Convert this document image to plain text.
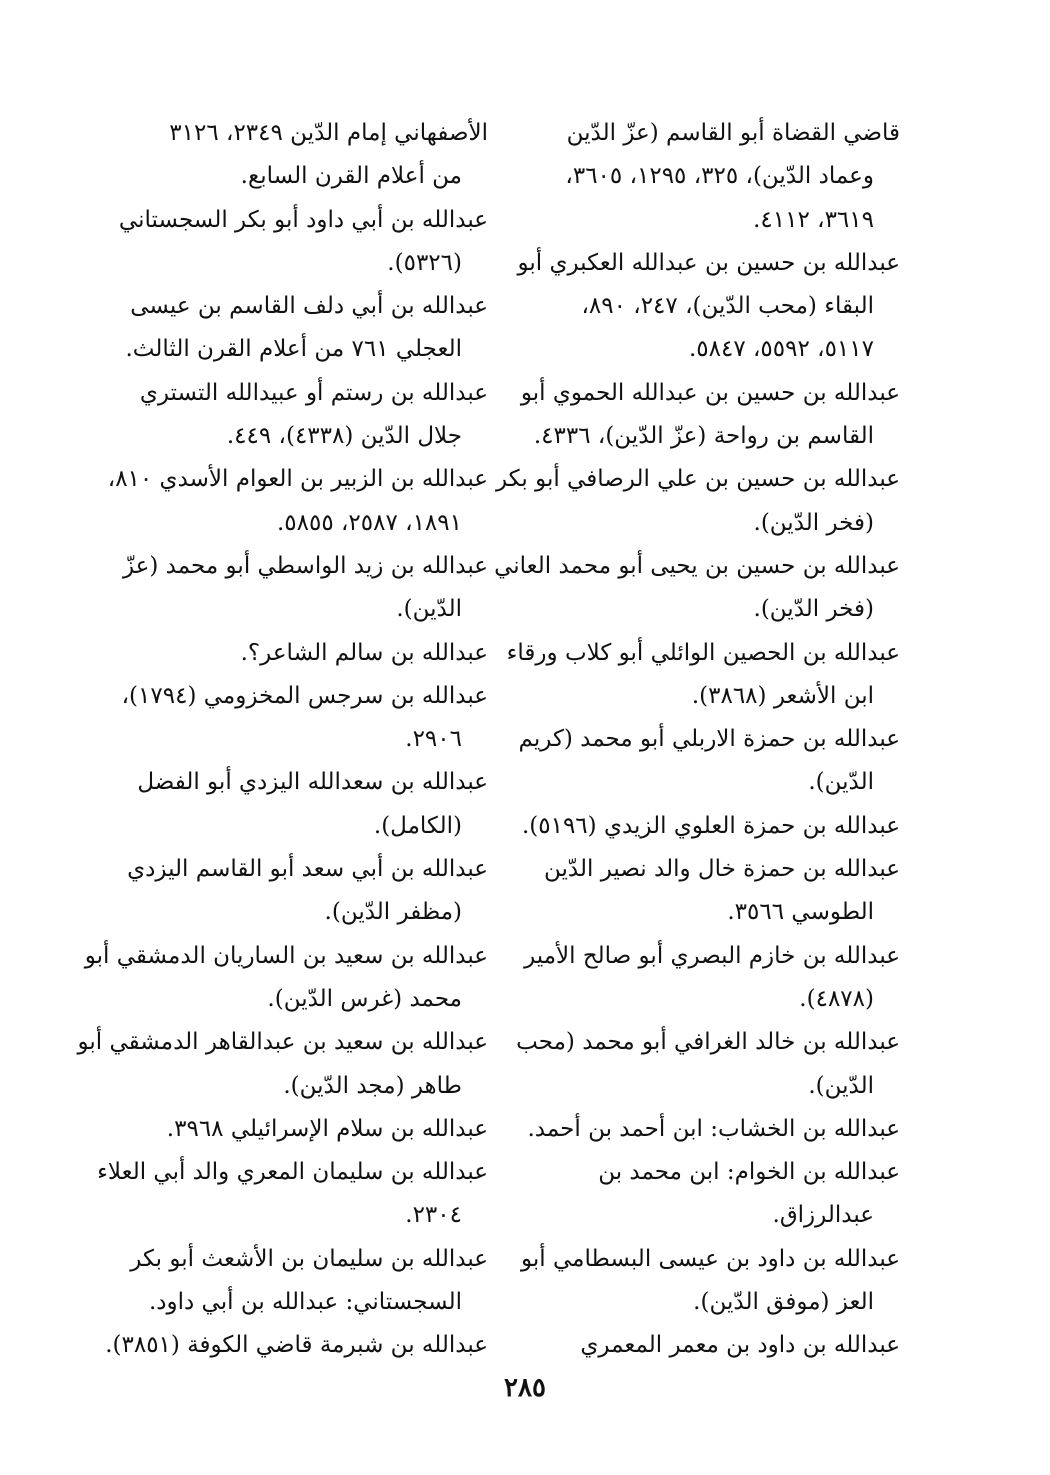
قاضي القضاة أبو القاسم (عزّ الدّين
وعماد الدّين)، ٣٢٥، ١٢٩٥، ٣٦٠٥،
٣٦١٩، ٤١١٢.
عبدالله بن حسين بن عبدالله العكبري أبو
البقاء (محب الدّين)، ٢٤٧، ٨٩٠،
٥١١٧، ٥٥٩٢، ٥٨٤٧.
عبدالله بن حسين بن عبدالله الحموي أبو
القاسم بن رواحة (عزّ الدّين)، ٤٣٣٦.
عبدالله بن حسين بن علي الرصافي أبو بكر
(فخر الدّين).
عبدالله بن حسين بن يحيى أبو محمد العاني
(فخر الدّين).
عبدالله بن الحصين الوائلي أبو كلاب ورقاء
ابن الأشعر (٣٨٦٨).
عبدالله بن حمزة الاربلي أبو محمد (كريم
الدّين).
عبدالله بن حمزة العلوي الزيدي (٥١٩٦).
عبدالله بن حمزة خال والد نصير الدّين
الطوسي ٣٥٦٦.
عبدالله بن خازم البصري أبو صالح الأمير
(٤٨٧٨).
عبدالله بن خالد الغرافي أبو محمد (محب
الدّين).
عبدالله بن الخشاب: ابن أحمد بن أحمد.
عبدالله بن الخوام: ابن محمد بن
عبدالرزاق.
عبدالله بن داود بن عيسى البسطامي أبو
العز (موفق الدّين).
عبدالله بن داود بن معمر المعمري
الأصفهاني إمام الدّين ٢٣٤٩، ٣١٢٦
من أعلام القرن السابع.
عبدالله بن أبي داود أبو بكر السجستاني
(٥٣٢٦).
عبدالله بن أبي دلف القاسم بن عيسى
العجلي ٧٦١ من أعلام القرن الثالث.
عبدالله بن رستم أو عبيدالله التستري
جلال الدّين (٤٣٣٨)، ٤٤٩.
عبدالله بن الزبير بن العوام الأسدي ٨١٠،
١٨٩١، ٢٥٨٧، ٥٨٥٥.
عبدالله بن زيد الواسطي أبو محمد (عزّ
الدّين).
عبدالله بن سالم الشاعر؟.
عبدالله بن سرجس المخزومي (١٧٩٤)،
٢٩٠٦.
عبدالله بن سعدالله اليزدي أبو الفضل
(الكامل).
عبدالله بن أبي سعد أبو القاسم اليزدي
(مظفر الدّين).
عبدالله بن سعيد بن الساريان الدمشقي أبو
محمد (غرس الدّين).
عبدالله بن سعيد بن عبدالقاهر الدمشقي أبو
طاهر (مجد الدّين).
عبدالله بن سلام الإسرائيلي ٣٩٦٨.
عبدالله بن سليمان المعري والد أبي العلاء
٢٣٠٤.
عبدالله بن سليمان بن الأشعث أبو بكر
السجستاني: عبدالله بن أبي داود.
عبدالله بن شبرمة قاضي الكوفة (٣٨٥١).
٢٨٥
